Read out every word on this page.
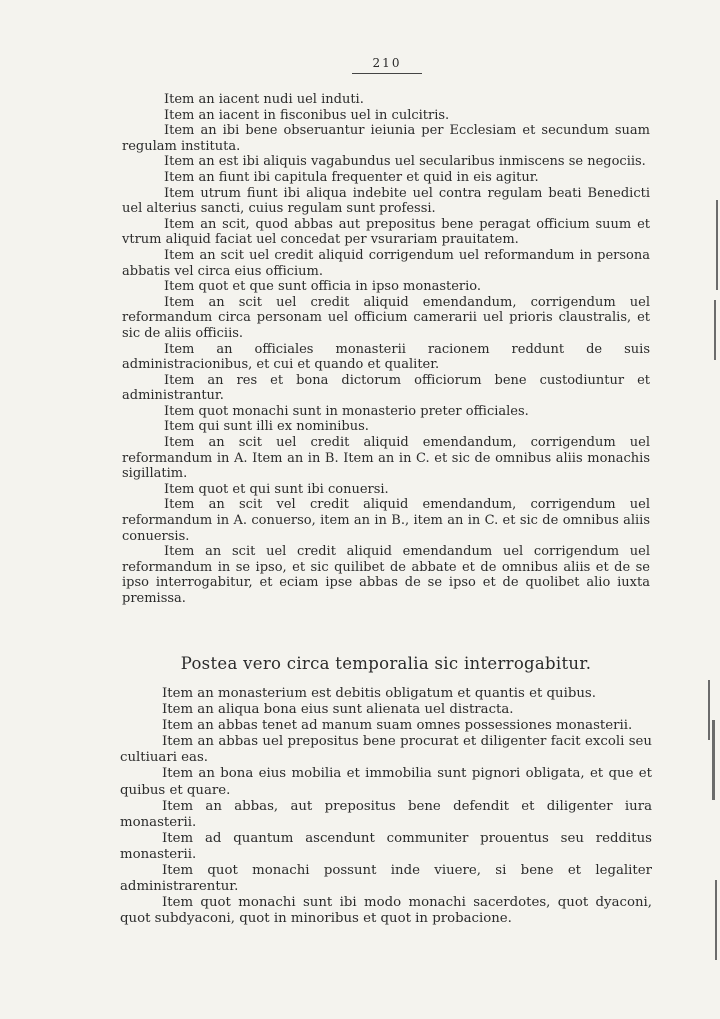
210

Item an iacent nudi uel induti.

Item an iacent in fisconibus uel in culcitris.

Item an ibi bene obseruantur ieiunia per Ecclesiam et secundum suam regulam instituta.

Item an est ibi aliquis vagabundus uel secularibus inmiscens se negociis.

Item an fiunt ibi capitula frequenter et quid in eis agitur.

Item utrum fiunt ibi aliqua indebite uel contra regulam beati Benedicti uel alterius sancti, cuius regulam sunt professi.

Item an scit, quod abbas aut prepositus bene peragat officium suum et vtrum aliquid faciat uel concedat per vsurariam prauitatem.

Item an scit uel credit aliquid corrigendum uel reformandum in persona abbatis vel circa eius officium.

Item quot et que sunt officia in ipso monasterio.

Item an scit uel credit aliquid emendandum, corrigendum uel reformandum circa personam uel officium camerarii uel prioris claustralis, et sic de aliis officiis.

Item an officiales monasterii racionem reddunt de suis administracionibus, et cui et quando et qualiter.

Item an res et bona dictorum officiorum bene custodiuntur et administrantur.

Item quot monachi sunt in monasterio preter officiales.

Item qui sunt illi ex nominibus.

Item an scit uel credit aliquid emendandum, corrigendum uel reformandum in A. Item an in B. Item an in C. et sic de omnibus aliis monachis sigillatim.

Item quot et qui sunt ibi conuersi.

Item an scit vel credit aliquid emendandum, corrigendum uel reformandum in A. conuerso, item an in B., item an in C. et sic de omnibus aliis conuersis.

Item an scit uel credit aliquid emendandum uel corrigendum uel reformandum in se ipso, et sic quilibet de abbate et de omnibus aliis et de se ipso interrogabitur, et eciam ipse abbas de se ipso et de quolibet alio iuxta premissa.

Postea vero circa temporalia sic interrogabitur.

Item an monasterium est debitis obligatum et quantis et quibus.

Item an aliqua bona eius sunt alienata uel distracta.

Item an abbas tenet ad manum suam omnes possessiones monasterii.

Item an abbas uel prepositus bene procurat et diligenter facit excoli seu cultiuari eas.

Item an bona eius mobilia et immobilia sunt pignori obligata, et que et quibus et quare.

Item an abbas, aut prepositus bene defendit et diligenter iura monasterii.

Item ad quantum ascendunt communiter prouentus seu redditus monasterii.

Item quot monachi possunt inde viuere, si bene et legaliter administrarentur.

Item quot monachi sunt ibi modo monachi sacerdotes, quot dyaconi, quot subdyaconi, quot in minoribus et quot in probacione.
